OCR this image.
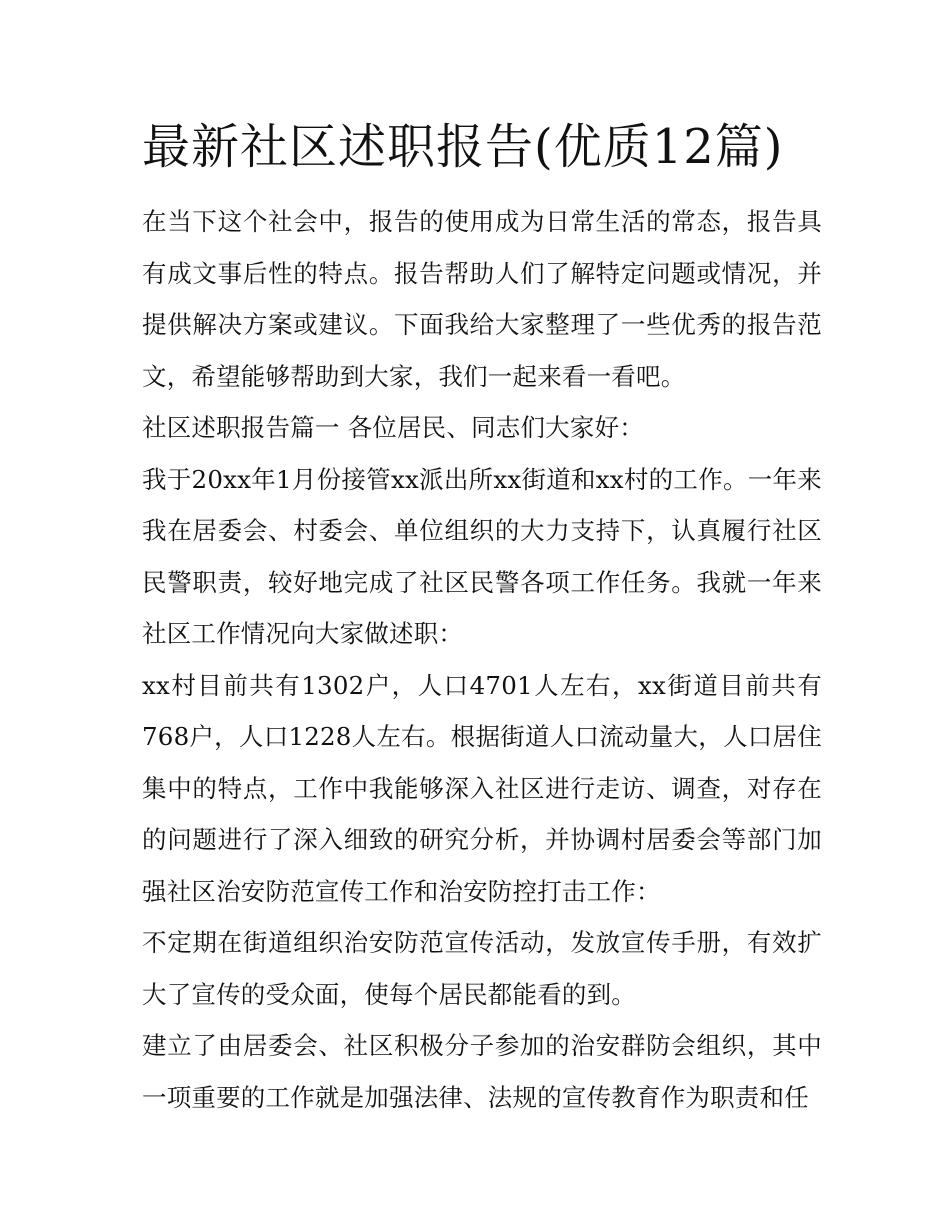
最新社区述职报告(优质12篇)

在当下这个社会中，报告的使用成为日常生活的常态，报告具有成文事后性的特点。报告帮助人们了解特定问题或情况，并提供解决方案或建议。下面我给大家整理了一些优秀的报告范文，希望能够帮助到大家，我们一起来看一看吧。

社区述职报告篇一 各位居民、同志们大家好：

我于20xx年1月份接管xx派出所xx街道和xx村的工作。一年来我在居委会、村委会、单位组织的大力支持下，认真履行社区民警职责，较好地完成了社区民警各项工作任务。我就一年来社区工作情况向大家做述职：

xx村目前共有1302户，人口4701人左右，xx街道目前共有768户，人口1228人左右。根据街道人口流动量大，人口居住集中的特点，工作中我能够深入社区进行走访、调查，对存在的问题进行了深入细致的研究分析，并协调村居委会等部门加强社区治安防范宣传工作和治安防控打击工作：

不定期在街道组织治安防范宣传活动，发放宣传手册，有效扩大了宣传的受众面，使每个居民都能看的到。

建立了由居委会、社区积极分子参加的治安群防会组织，其中一项重要的工作就是加强法律、法规的宣传教育作为职责和任
